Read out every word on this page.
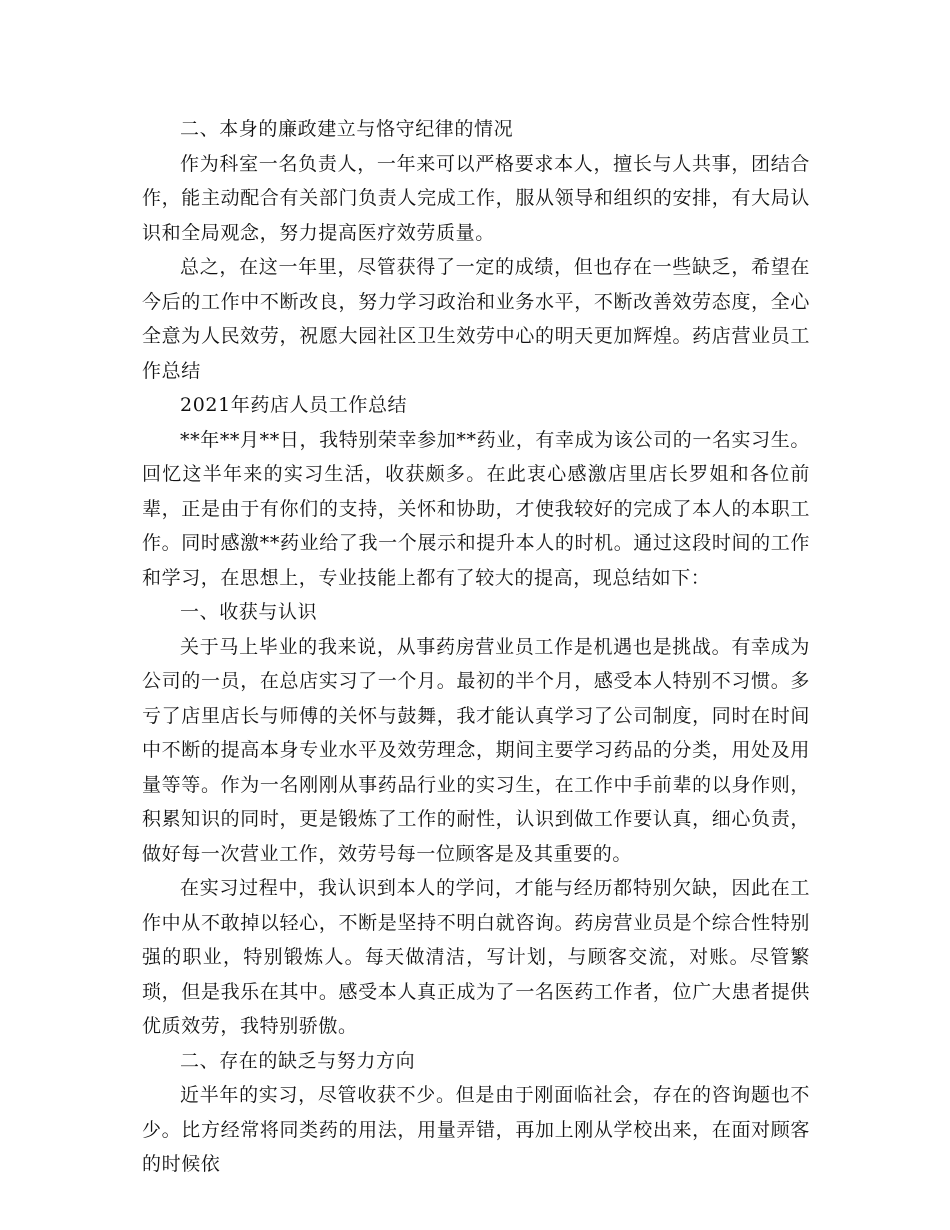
二、本身的廉政建立与恪守纪律的情况

作为科室一名负责人，一年来可以严格要求本人，擅长与人共事，团结合作，能主动配合有关部门负责人完成工作，服从领导和组织的安排，有大局认识和全局观念，努力提高医疗效劳质量。

总之，在这一年里，尽管获得了一定的成绩，但也存在一些缺乏，希望在今后的工作中不断改良，努力学习政治和业务水平，不断改善效劳态度，全心全意为人民效劳，祝愿大园社区卫生效劳中心的明天更加辉煌。药店营业员工作总结

2021年药店人员工作总结

**年**月**日，我特别荣幸参加**药业，有幸成为该公司的一名实习生。回忆这半年来的实习生活，收获颇多。在此衷心感激店里店长罗姐和各位前辈，正是由于有你们的支持，关怀和协助，才使我较好的完成了本人的本职工作。同时感激**药业给了我一个展示和提升本人的时机。通过这段时间的工作和学习，在思想上，专业技能上都有了较大的提高，现总结如下：

一、收获与认识

关于马上毕业的我来说，从事药房营业员工作是机遇也是挑战。有幸成为公司的一员，在总店实习了一个月。最初的半个月，感受本人特别不习惯。多亏了店里店长与师傅的关怀与鼓舞，我才能认真学习了公司制度，同时在时间中不断的提高本身专业水平及效劳理念，期间主要学习药品的分类，用处及用量等等。作为一名刚刚从事药品行业的实习生，在工作中手前辈的以身作则，积累知识的同时，更是锻炼了工作的耐性，认识到做工作要认真，细心负责，做好每一次营业工作，效劳号每一位顾客是及其重要的。

在实习过程中，我认识到本人的学问，才能与经历都特别欠缺，因此在工作中从不敢掉以轻心，不断是坚持不明白就咨询。药房营业员是个综合性特别强的职业，特别锻炼人。每天做清洁，写计划，与顾客交流，对账。尽管繁琐，但是我乐在其中。感受本人真正成为了一名医药工作者，位广大患者提供优质效劳，我特别骄傲。

二、存在的缺乏与努力方向

近半年的实习，尽管收获不少。但是由于刚面临社会，存在的咨询题也不少。比方经常将同类药的用法，用量弄错，再加上刚从学校出来，在面对顾客的时候依
